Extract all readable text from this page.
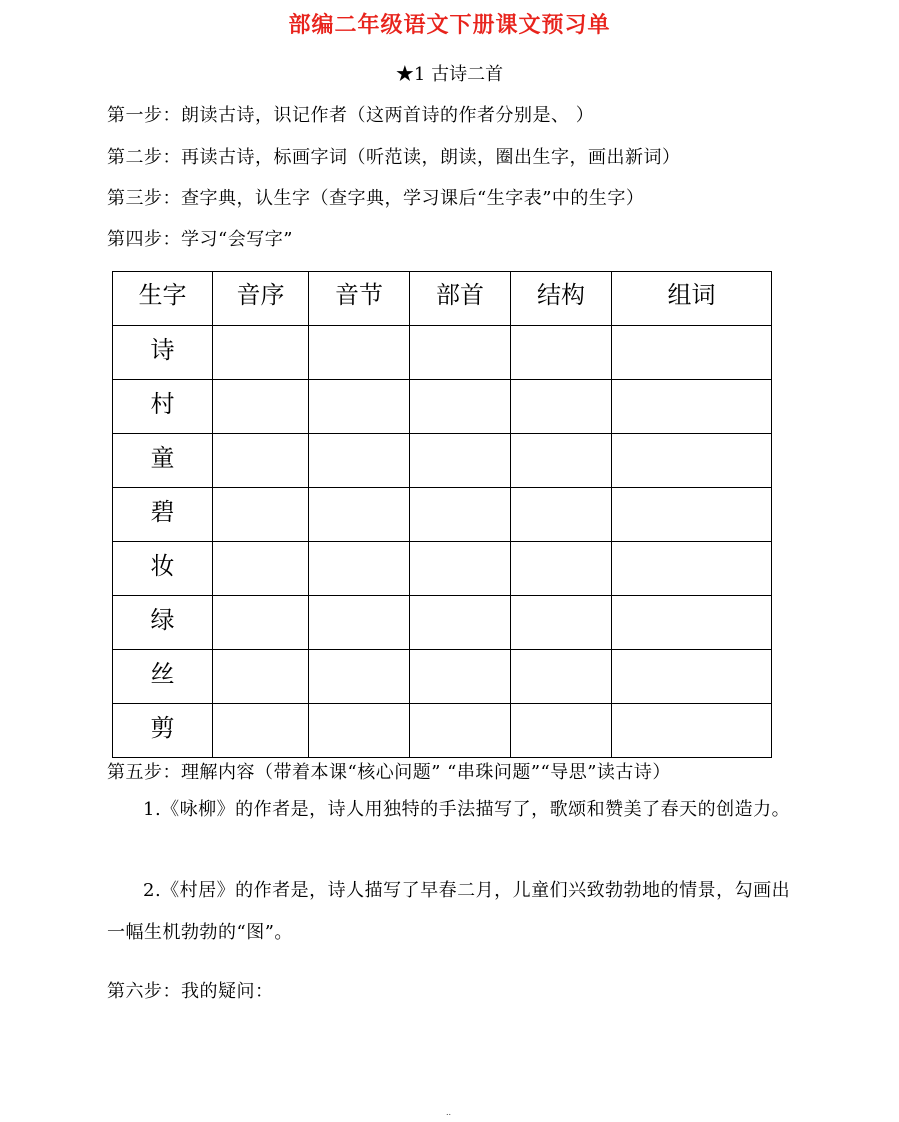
部编二年级语文下册课文预习单
★1 古诗二首
第一步：朗读古诗，识记作者（这两首诗的作者分别是、 ）
第二步：再读古诗，标画字词（听范读，朗读，圈出生字，画出新词）
第三步：查字典，认生字（查字典，学习课后“生字表”中的生字）
第四步：学习“会写字”
生字	音序	音节	部首	结构	组词
诗					
村					
童					
碧					
妆					
绿					
丝					
剪					
第五步：理解内容（带着本课“核心问题” “串珠问题”“导思”读古诗）
1.《咏柳》的作者是，诗人用独特的手法描写了，歌颂和赞美了春天的创造力。
2.《村居》的作者是，诗人描写了早春二月，儿童们兴致勃勃地的情景，勾画出一幅生机勃勃的“图”。
第六步：我的疑问：
..
